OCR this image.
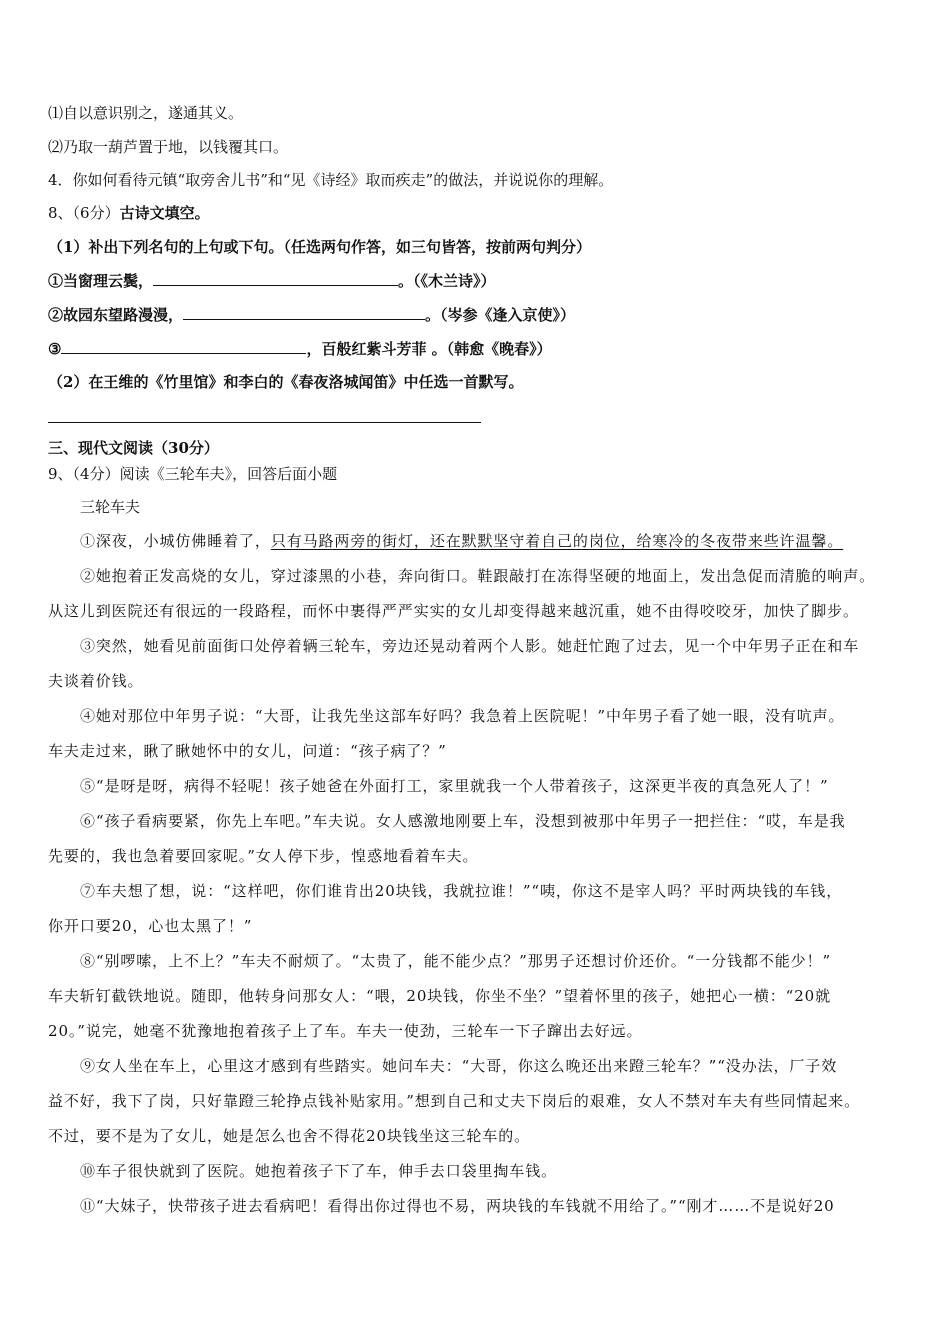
⑴自以意识别之，遂通其义。
⑵乃取一葫芦置于地，以钱覆其口。
4．你如何看待元镇“取旁舍儿书”和“见《诗经》取而疾走”的做法，并说说你的理解。
8、（6分）古诗文填空。
（1）补出下列名句的上句或下句。（任选两句作答，如三句皆答，按前两句判分）
①当窗理云鬓，	。（《木兰诗》）
②故园东望路漫漫，	。（岑参《逢入京使》）
③	，百般红紫斗芳菲 。（韩愈《晚春》）
（2）在王维的《竹里馆》和李白的《春夜洛城闻笛》中任选一首默写。
三、现代文阅读（30分）
9、（4分）阅读《三轮车夫》，回答后面小题
三轮车夫
①深夜，小城仿佛睡着了，只有马路两旁的街灯，还在默默坚守着自己的岗位，给寒冷的冬夜带来些许温馨。
②她抱着正发高烧的女儿，穿过漆黑的小巷，奔向街口。鞋跟敲打在冻得坚硬的地面上，发出急促而清脆的响声。
从这儿到医院还有很远的一段路程，而怀中裹得严严实实的女儿却变得越来越沉重，她不由得咬咬牙，加快了脚步。
③突然，她看见前面街口处停着辆三轮车，旁边还晃动着两个人影。她赶忙跑了过去，见一个中年男子正在和车
夫谈着价钱。
④她对那位中年男子说：“大哥，让我先坐这部车好吗？我急着上医院呢！”中年男子看了她一眼，没有吭声。
车夫走过来，瞅了瞅她怀中的女儿，问道：“孩子病了？”
⑤“是呀是呀，病得不轻呢！孩子她爸在外面打工，家里就我一个人带着孩子，这深更半夜的真急死人了！”
⑥“孩子看病要紧，你先上车吧。”车夫说。女人感激地刚要上车，没想到被那中年男子一把拦住：“哎，车是我
先要的，我也急着要回家呢。”女人停下步，惶惑地看着车夫。
⑦车夫想了想，说：“这样吧，你们谁肯出20块钱，我就拉谁！”“咦，你这不是宰人吗？平时两块钱的车钱，
你开口要20，心也太黑了！”
⑧“别啰嗦，上不上？”车夫不耐烦了。“太贵了，能不能少点？”那男子还想讨价还价。“一分钱都不能少！”
车夫斩钉截铁地说。随即，他转身问那女人：“喂，20块钱，你坐不坐？”望着怀里的孩子，她把心一横：“20就
20。”说完，她毫不犹豫地抱着孩子上了车。车夫一使劲，三轮车一下子蹿出去好远。
⑨女人坐在车上，心里这才感到有些踏实。她问车夫：“大哥，你这么晚还出来蹬三轮车？”“没办法，厂子效
益不好，我下了岗，只好靠蹬三轮挣点钱补贴家用。”想到自己和丈夫下岗后的艰难，女人不禁对车夫有些同情起来。
不过，要不是为了女儿，她是怎么也舍不得花20块钱坐这三轮车的。
⑩车子很快就到了医院。她抱着孩子下了车，伸手去口袋里掏车钱。
⑪“大妹子，快带孩子进去看病吧！看得出你过得也不易，两块钱的车钱就不用给了。”“刚才……不是说好20
